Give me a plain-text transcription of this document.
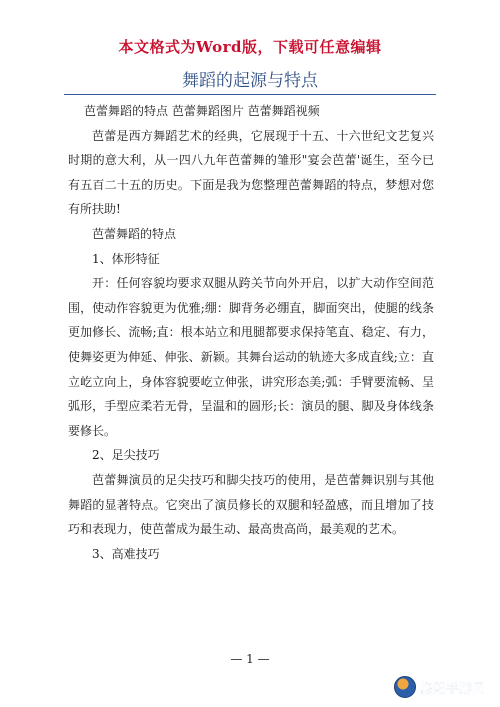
本文格式为Word版，下载可任意编辑
舞蹈的起源与特点

芭蕾舞蹈的特点 芭蕾舞蹈图片 芭蕾舞蹈视频

芭蕾是西方舞蹈艺术的经典，它展现于十五、十六世纪文艺复兴时期的意大利，从一四八九年芭蕾舞的雏形"宴会芭蕾'诞生，至今已有五百二十五的历史。下面是我为您整理芭蕾舞蹈的特点，梦想对您有所扶助!

芭蕾舞蹈的特点

1、体形特征

开：任何容貌均要求双腿从跨关节向外开启，以扩大动作空间范围，使动作容貌更为优雅;绷：脚背务必绷直，脚面突出，使腿的线条更加修长、流畅;直：根本站立和甩腿都要求保持笔直、稳定、有力，使舞姿更为伸延、伸张、新颖。其舞台运动的轨迹大多成直线;立：直立屹立向上，身体容貌要屹立伸张，讲究形态美;弧：手臂要流畅、呈弧形，手型应柔若无骨，呈温和的圆形;长：演员的腿、脚及身体线条要修长。

2、足尖技巧

芭蕾舞演员的足尖技巧和脚尖技巧的使用，是芭蕾舞识别与其他舞蹈的显著特点。它突出了演员修长的双腿和轻盈感，而且增加了技巧和表现力，使芭蕾成为最生动、最高贵高尚，最美观的艺术。

3、高难技巧

— 1 —
洛阳手游网
